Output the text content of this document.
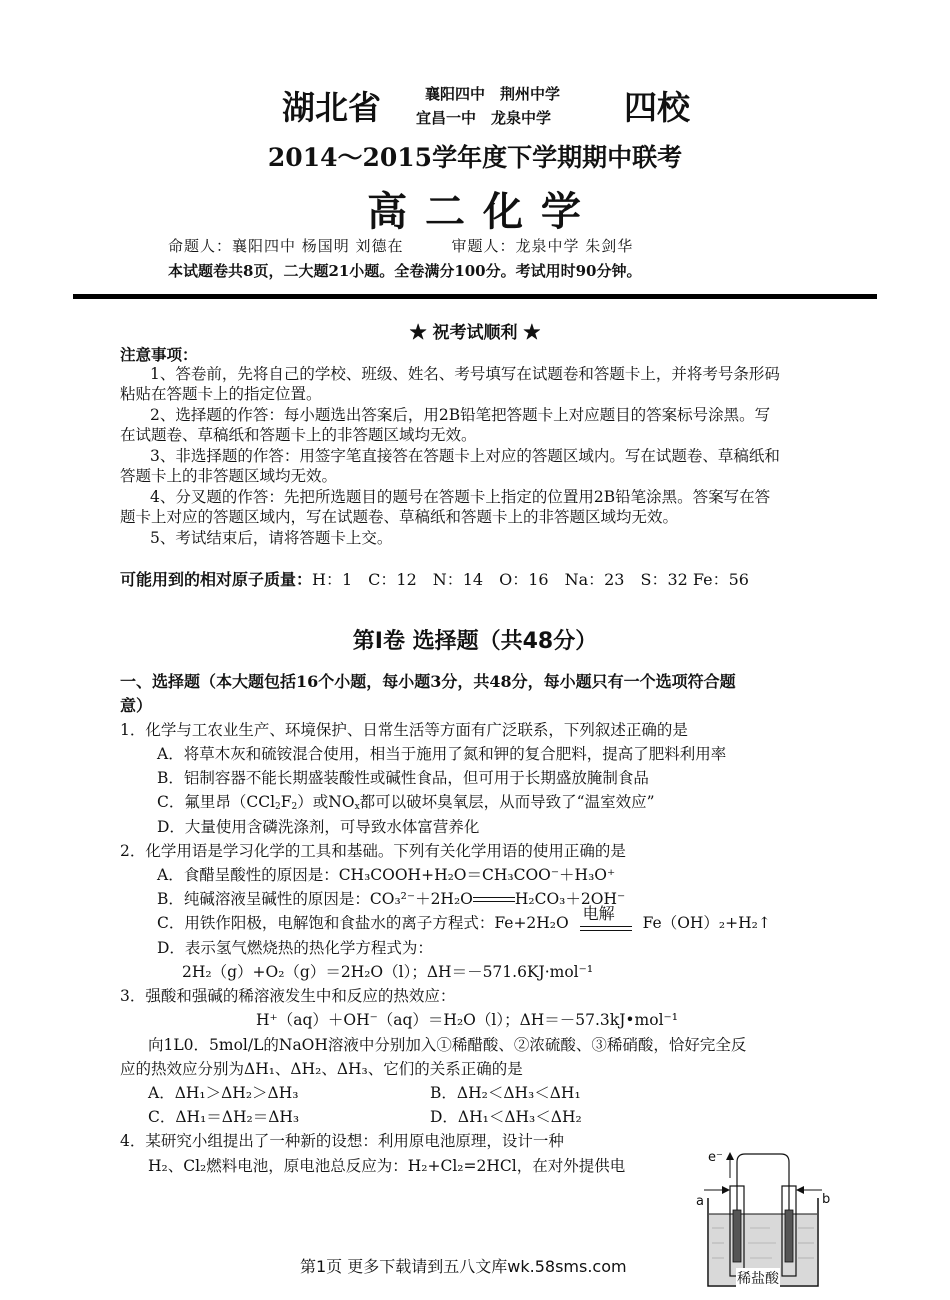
湖北省	襄阳四中　荆州中学
宜昌一中　龙泉中学 四校
2014～2015学年度下学期期中联考
高 二 化 学
命题人：襄阳四中 杨国明 刘德在　　　审题人：龙泉中学 朱剑华
本试题卷共8页，二大题21小题。全卷满分100分。考试用时90分钟。
★ 祝考试顺利 ★
注意事项：
1、答卷前，先将自己的学校、班级、姓名、考号填写在试题卷和答题卡上，并将考号条形码
粘贴在答题卡上的指定位置。
2、选择题的作答：每小题选出答案后，用2B铅笔把答题卡上对应题目的答案标号涂黑。写
在试题卷、草稿纸和答题卡上的非答题区域均无效。
3、非选择题的作答：用签字笔直接答在答题卡上对应的答题区域内。写在试题卷、草稿纸和
答题卡上的非答题区域均无效。
4、分叉题的作答：先把所选题目的题号在答题卡上指定的位置用2B铅笔涂黑。答案写在答
题卡上对应的答题区域内，写在试题卷、草稿纸和答题卡上的非答题区域均无效。
5、考试结束后，请将答题卡上交。
可能用到的相对原子质量：H：1　C：12　N：14　O：16　Na：23　S：32 Fe：56
第Ⅰ卷 选择题（共48分）
一、选择题（本大题包括16个小题，每小题3分，共48分，每小题只有一个选项符合题
意）
1．化学与工农业生产、环境保护、日常生活等方面有广泛联系，下列叙述正确的是
A．将草木灰和硫铵混合使用，相当于施用了氮和钾的复合肥料，提高了肥料利用率
B．铝制容器不能长期盛装酸性或碱性食品，但可用于长期盛放腌制食品
C．氟里昂$(CCl_2F_2)$或$NO_x$都可以破坏臭氧层，从而导致了“温室效应”
D．大量使用含磷洗涤剂，可导致水体富营养化
2．化学用语是学习化学的工具和基础。下列有关化学用语的使用正确的是
A．食醋呈酸性的原因是：CH₃COOH+H₂O＝CH₃COO⁻＋H₃O⁺
B．纯碱溶液呈碱性的原因是：CO₃²⁻＋2H₂O	H₂CO₃＋2OH⁻
C．用铁作阳极，电解饱和食盐水的离子方程式：Fe+2H₂O 电解 Fe（OH）₂+H₂↑
D．表示氢气燃烧热的热化学方程式为：
2H₂（g）+O₂（g）＝2H₂O（l）；ΔH＝－571.6KJ·mol⁻¹
3．强酸和强碱的稀溶液发生中和反应的热效应：
H⁺（aq）＋OH⁻（aq）＝H₂O（l）；ΔH＝－57.3kJ•mol⁻¹
向1L0．5mol/L的NaOH溶液中分别加入①稀醋酸、②浓硫酸、③稀硝酸，恰好完全反
应的热效应分别为ΔH₁、ΔH₂、ΔH₃、它们的关系正确的是
A．ΔH₁＞ΔH₂＞ΔH₃	B．ΔH₂＜ΔH₃＜ΔH₁
C．ΔH₁＝ΔH₂＝ΔH₃	D．ΔH₁＜ΔH₃＜ΔH₂
4．某研究小组提出了一种新的设想：利用原电池原理，设计一种
H₂、Cl₂燃料电池，原电池总反应为：H₂+Cl₂=2HCl，在对外提供电	e⁻
a	b
稀盐酸
第1页 更多下载请到五八文库wk.58sms.com
